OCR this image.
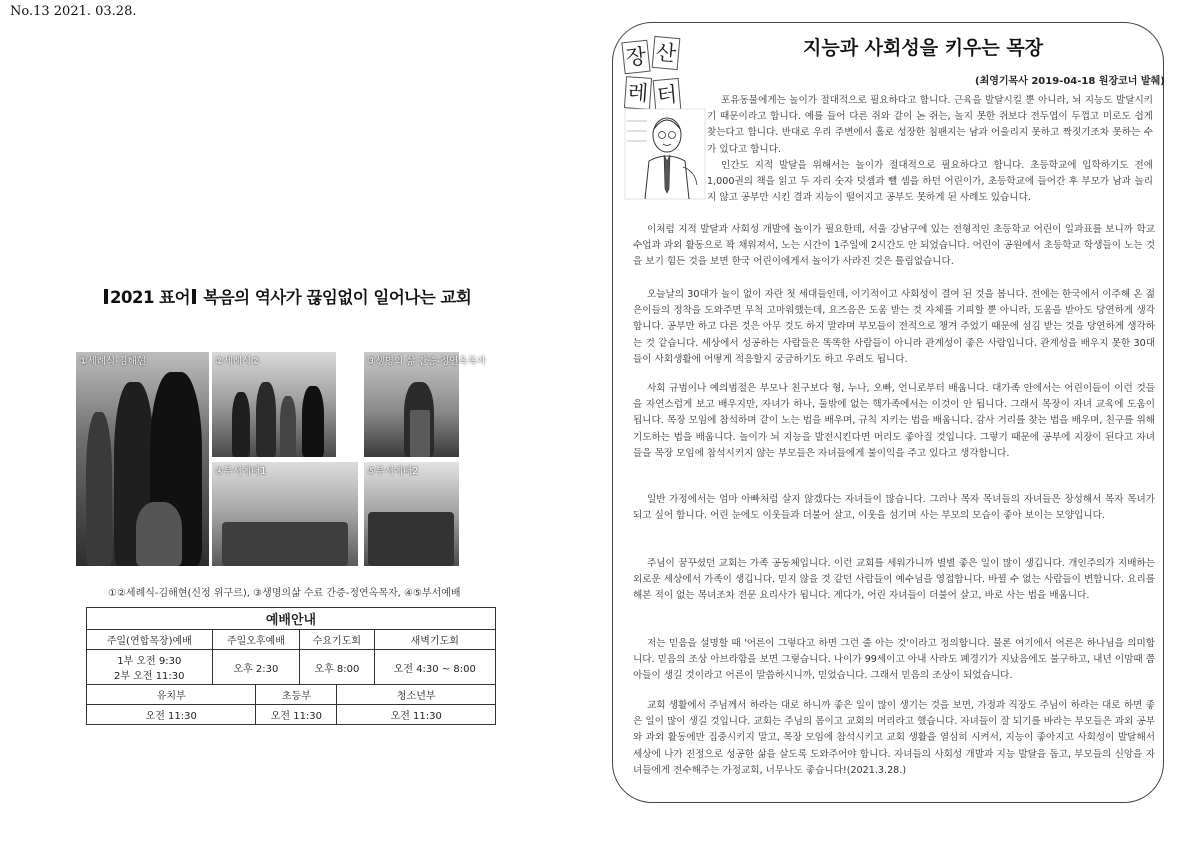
No.13 2021. 03.28.
2021 표어 복음의 역사가 끊임없이 일어나는 교회
①세례식-김해현	②세례식②	③생명의 삶 간증-정연옥목자
④부서예배1	⑤부서예배2
①②세례식-김해현(신정 위구르), ③생명의삶 수료 간증-정연옥목자, ④⑤부서예배
예배안내					
주일(연합목장)예배	주일오후예배		수요기도회		새벽기도회

1부 오전 9:30
2부 오전 11:30	오후 2:30		오후 8:00		오전 4:30 ~ 8:00
유치부		초등부		청소년부	
오전 11:30		오전 11:30		오전 11:30	
장 산
레 터
지능과 사회성을 키우는 목장
(최영기목사 2019-04-18 원장코너 발췌)

포유동물에게는 놀이가 절대적으로 필요하다고 합니다. 근육을 발달시킬 뿐 아니라, 뇌 지능도 발달시키기 때문이라고 합니다. 예를 들어 다른 쥐와 같이 논 쥐는, 놀지 못한 쥐보다 전두엽이 두껍고 미로도 쉽게 찾는다고 합니다. 반대로 우리 주변에서 홀로 성장한 침팬지는 남과 어울리지 못하고 짝짓기조차 못하는 수가 있다고 합니다.

인간도 지적 발달을 위해서는 놀이가 절대적으로 필요하다고 합니다. 초등학교에 입학하기도 전에 1,000권의 책을 읽고 두 자리 숫자 덧셈과 뺄 셈을 하던 어린이가, 초등학교에 들어간 후 부모가 남과 놀리지 않고 공부만 시킨 결과 지능이 떨어지고 공부도 못하게 된 사례도 있습니다.

이처럼 지적 발달과 사회성 개발에 놀이가 필요한데, 서울 강남구에 있는 전형적인 초등학교 어린이 일과표를 보니까 학교 수업과 과외 활동으로 꽉 채워져서, 노는 시간이 1주일에 2시간도 안 되었습니다. 어린이 공원에서 초등학교 학생들이 노는 것을 보기 힘든 것을 보면 한국 어린이에게서 놀이가 사라진 것은 틀림없습니다.

오늘날의 30대가 놀이 없이 자란 첫 세대들인데, 이기적이고 사회성이 결여 된 것을 봅니다. 전에는 한국에서 이주해 온 젊은이들의 정착을 도와주면 무척 고마워했는데, 요즈음은 도움 받는 것 자체를 기피할 뿐 아니라, 도움을 받아도 당연하게 생각합니다. 공부만 하고 다른 것은 아무 것도 하지 말라며 부모들이 전적으로 챙겨 주었기 때문에 섬김 받는 것을 당연하게 생각하는 것 같습니다. 세상에서 성공하는 사람들은 똑똑한 사람들이 아니라 관계성이 좋은 사람입니다. 관계성을 배우지 못한 30대들이 사회생활에 어떻게 적응할지 궁금하기도 하고 우려도 됩니다.

사회 규범이나 예의범절은 부모나 친구보다 형, 누나, 오빠, 언니로부터 배웁니다. 대가족 안에서는 어린이들이 이런 것들을 자연스럽게 보고 배우지만, 자녀가 하나, 둘밖에 없는 핵가족에서는 이것이 안 됩니다. 그래서 목장이 자녀 교육에 도움이 됩니다. 목장 모임에 참석하며 같이 노는 법을 배우며, 규칙 지키는 법을 배웁니다. 감사 거리를 찾는 법을 배우며, 친구를 위해 기도하는 법을 배웁니다. 놀이가 뇌 지능을 발전시킨다면 머리도 좋아질 것입니다. 그렇기 때문에 공부에 지장이 된다고 자녀들을 목장 모임에 참석시키지 않는 부모들은 자녀들에게 불이익을 주고 있다고 생각합니다.

일반 가정에서는 엄마 아빠처럼 살지 않겠다는 자녀들이 많습니다. 그러나 목자 목녀들의 자녀들은 장성해서 목자 목녀가 되고 싶어 합니다. 어린 눈에도 이웃들과 더불어 살고, 이웃을 섬기며 사는 부모의 모습이 좋아 보이는 모양입니다.

주님이 꿈꾸셨던 교회는 가족 공동체입니다. 이런 교회를 세워가니까 별별 좋은 일이 많이 생깁니다. 개인주의가 지배하는 외로운 세상에서 가족이 생깁니다. 믿지 않을 것 같던 사람들이 예수님을 영접합니다. 바뀔 수 없는 사람들이 변합니다. 요리를 해본 적이 없는 목녀조차 전문 요리사가 됩니다. 게다가, 어린 자녀들이 더불어 살고, 바로 사는 법을 배웁니다.

저는 믿음을 설명할 때 '어른이 그렇다고 하면 그런 줄 아는 것'이라고 정의합니다. 물론 여기에서 어른은 하나님을 의미합니다. 믿음의 조상 아브라함을 보면 그렇습니다. 나이가 99세이고 아내 사라도 폐경기가 지났음에도 불구하고, 내년 이맘때 쯤 아들이 생길 것이라고 어른이 말씀하시니까, 믿었습니다. 그래서 믿음의 조상이 되었습니다.

교회 생활에서 주님께서 하라는 대로 하니까 좋은 일이 많이 생기는 것을 보면, 가정과 직장도 주님이 하라는 대로 하면 좋은 일이 많이 생길 것입니다. 교회는 주님의 몸이고 교회의 머리라고 했습니다. 자녀들이 잘 되기를 바라는 부모들은 과외 공부와 과외 활동에만 집중시키지 말고, 목장 모임에 참석시키고 교회 생활을 열심히 시켜서, 지능이 좋아지고 사회성이 발달해서 세상에 나가 진정으로 성공한 삶을 살도록 도와주어야 합니다. 자녀들의 사회성 개발과 지능 발달을 돕고, 부모들의 신앙을 자녀들에게 전수해주는 가정교회, 너무나도 좋습니다!(2021.3.28.)
